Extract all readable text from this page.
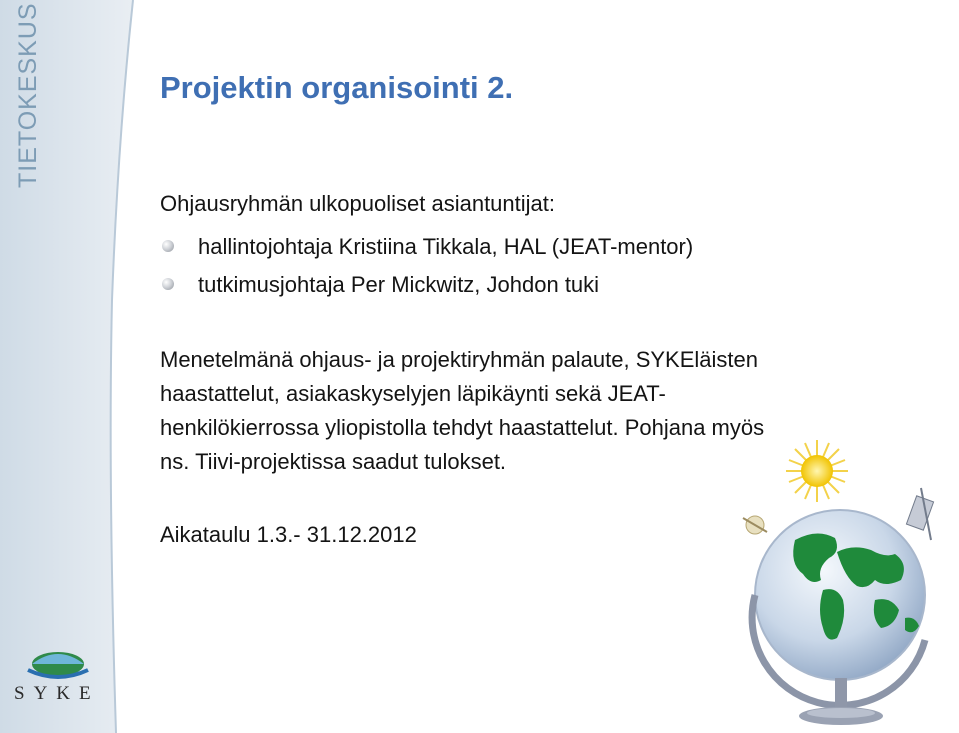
TIETOKESKUS
SYKE
Projektin organisointi 2.
Ohjausryhmän ulkopuoliset asiantuntijat:
hallintojohtaja Kristiina Tikkala, HAL (JEAT-mentor)
tutkimusjohtaja Per Mickwitz, Johdon tuki
Menetelmänä ohjaus- ja projektiryhmän palaute, SYKEläisten
haastattelut, asiakaskyselyjen läpikäynti sekä JEAT-
henkilökierrossa yliopistolla tehdyt haastattelut. Pohjana myös
ns. Tiivi-projektissa saadut tulokset.
Aikataulu 1.3.- 31.12.2012
